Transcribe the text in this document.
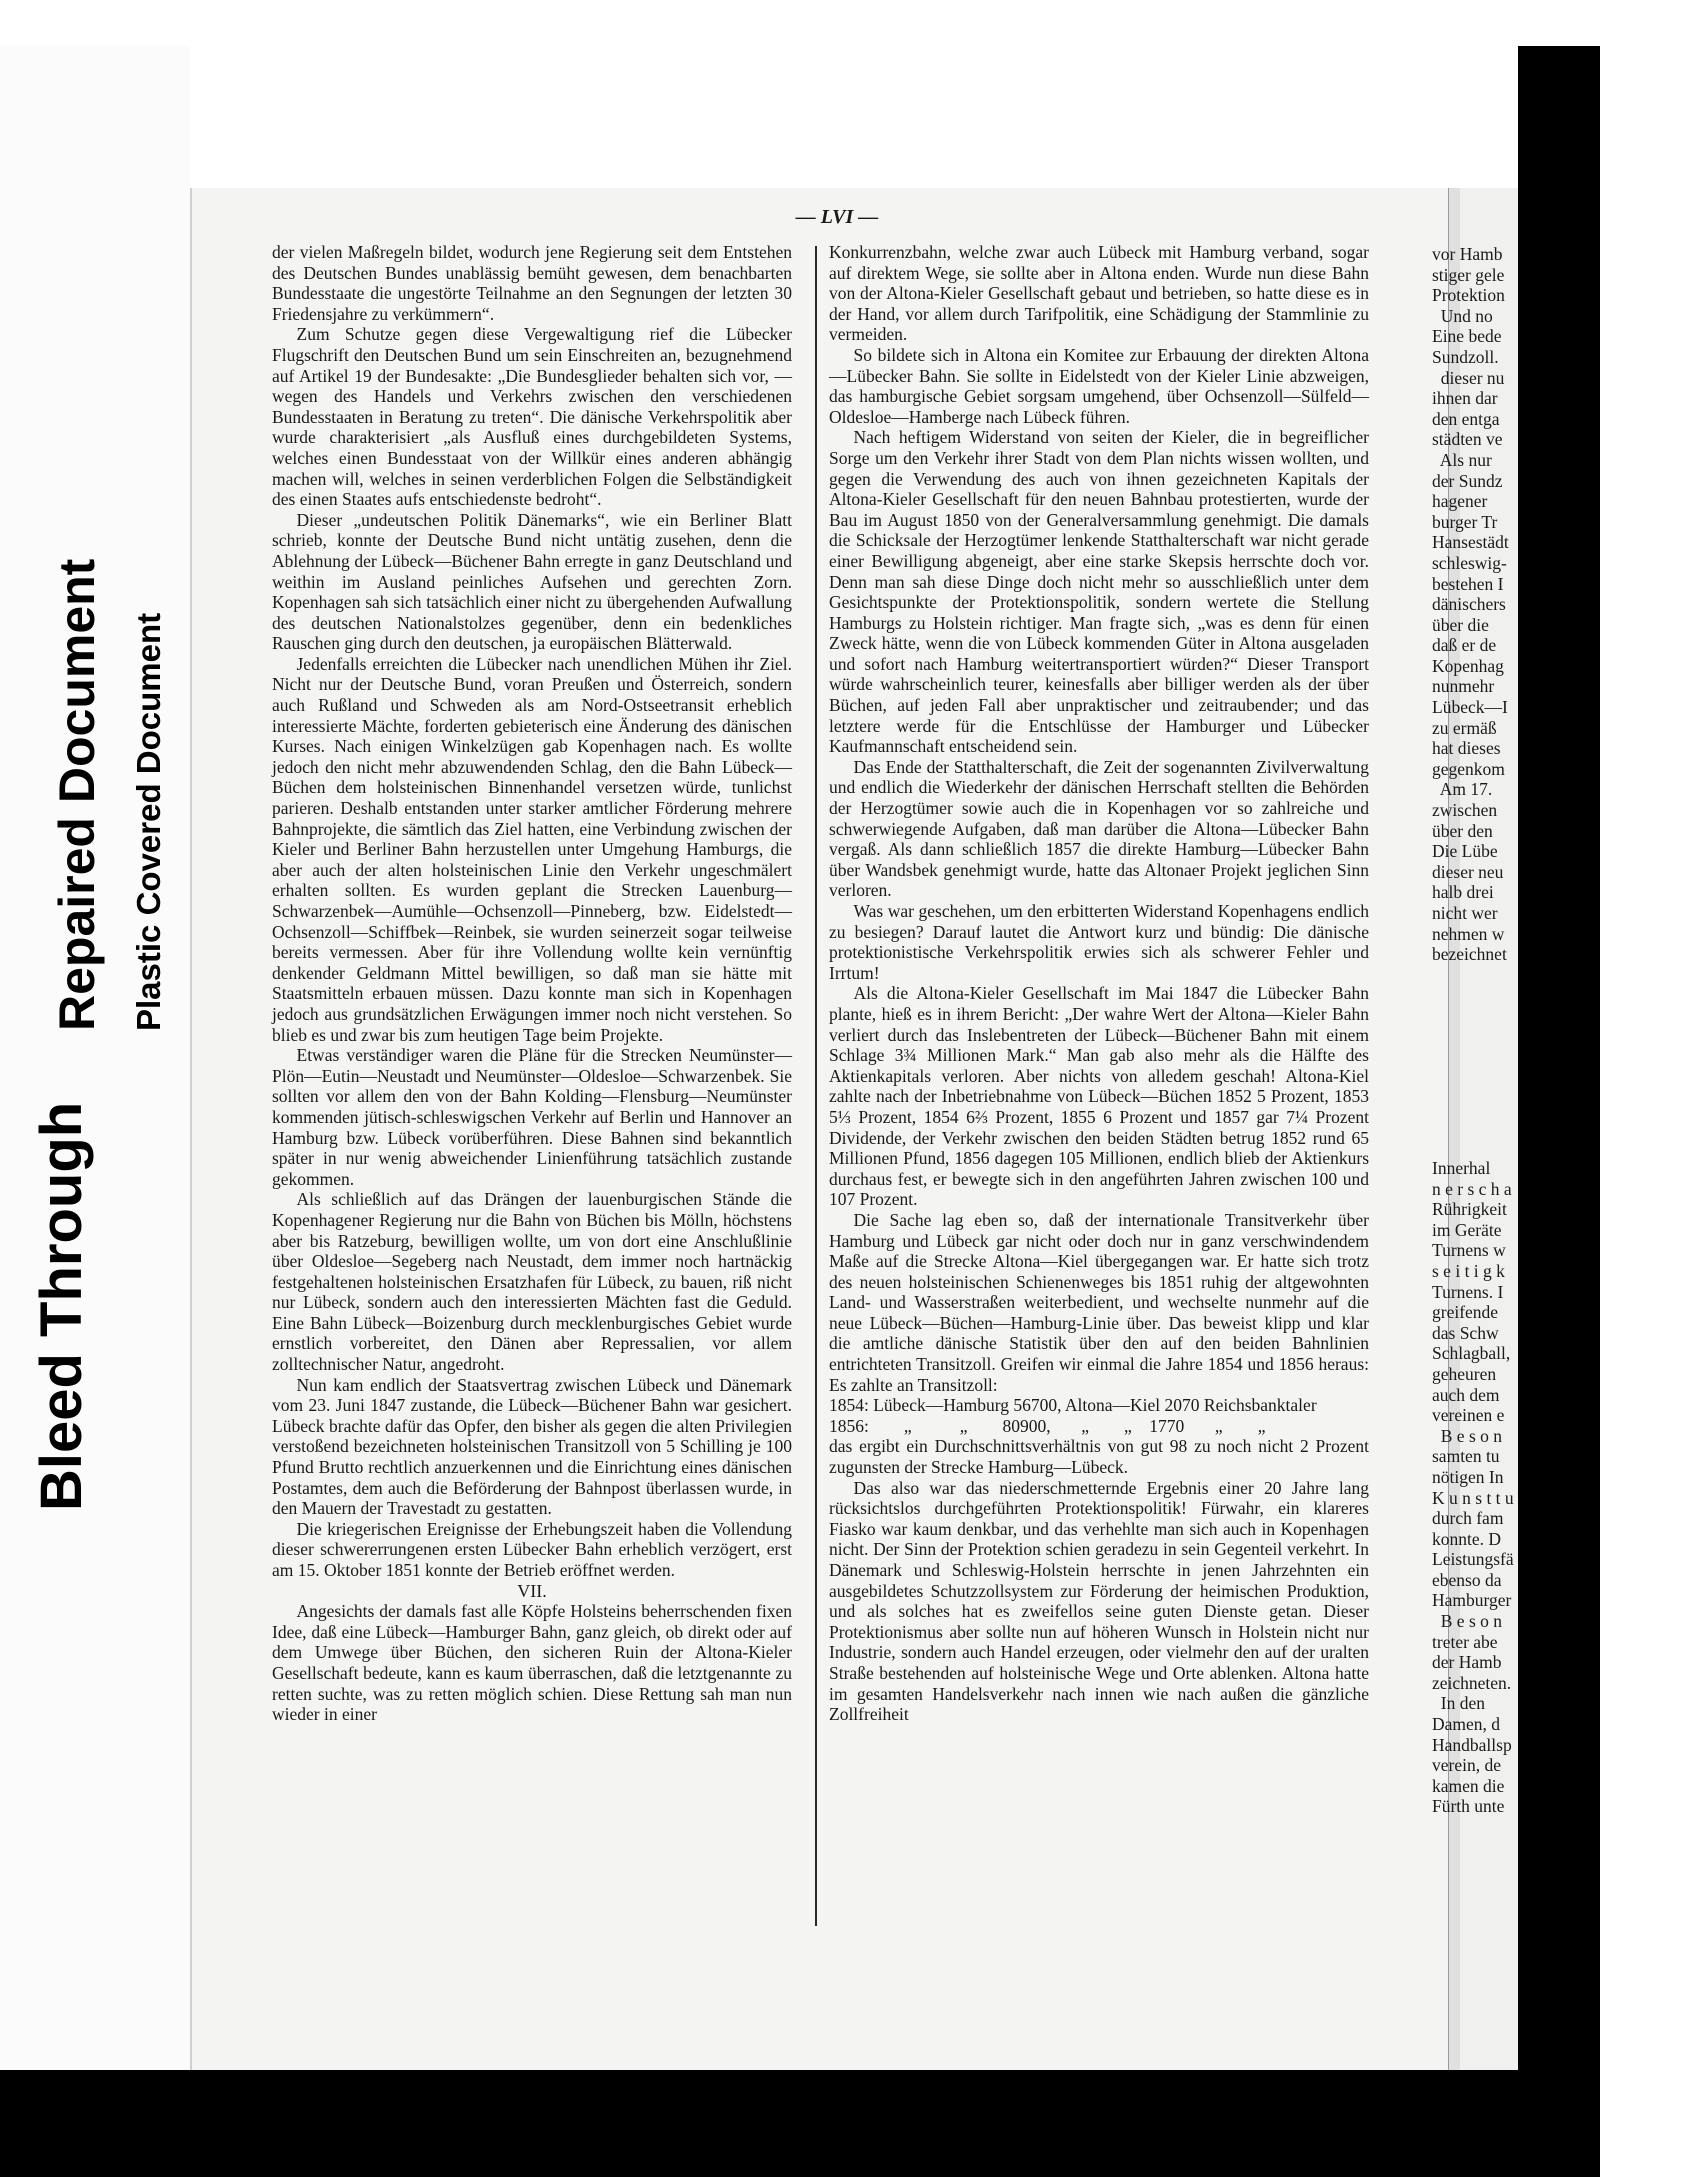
Bleed Through
Repaired Document Plastic Covered Document
— LVI —

der vielen Maßregeln bildet, wodurch jene Regierung seit dem Entstehen des Deutschen Bundes unablässig bemüht gewesen, dem benachbarten Bundesstaate die ungestörte Teilnahme an den Segnungen der letzten 30 Friedensjahre zu verkümmern“.

Zum Schutze gegen diese Vergewaltigung rief die Lübecker Flugschrift den Deutschen Bund um sein Einschreiten an, bezugnehmend auf Artikel 19 der Bundesakte: „Die Bundesglieder behalten sich vor, — wegen des Handels und Verkehrs zwischen den verschiedenen Bundesstaaten in Beratung zu treten“. Die dänische Verkehrspolitik aber wurde charakterisiert „als Ausfluß eines durchgebildeten Systems, welches einen Bundesstaat von der Willkür eines anderen abhängig machen will, welches in seinen verderblichen Folgen die Selbständigkeit des einen Staates aufs entschiedenste bedroht“.

Dieser „undeutschen Politik Dänemarks“, wie ein Berliner Blatt schrieb, konnte der Deutsche Bund nicht untätig zusehen, denn die Ablehnung der Lübeck—Büchener Bahn erregte in ganz Deutschland und weithin im Ausland peinliches Aufsehen und gerechten Zorn. Kopenhagen sah sich tatsächlich einer nicht zu übergehenden Aufwallung des deutschen Nationalstolzes gegenüber, denn ein bedenkliches Rauschen ging durch den deutschen, ja europäischen Blätterwald.

Jedenfalls erreichten die Lübecker nach unendlichen Mühen ihr Ziel. Nicht nur der Deutsche Bund, voran Preußen und Österreich, sondern auch Rußland und Schweden als am Nord-Ostseetransit erheblich interessierte Mächte, forderten gebieterisch eine Änderung des dänischen Kurses. Nach einigen Winkelzügen gab Kopenhagen nach. Es wollte jedoch den nicht mehr abzuwendenden Schlag, den die Bahn Lübeck—Büchen dem holsteinischen Binnenhandel versetzen würde, tunlichst parieren. Deshalb entstanden unter starker amtlicher Förderung mehrere Bahnprojekte, die sämtlich das Ziel hatten, eine Verbindung zwischen der Kieler und Berliner Bahn herzustellen unter Umgehung Hamburgs, die aber auch der alten holsteinischen Linie den Verkehr ungeschmälert erhalten sollten. Es wurden geplant die Strecken Lauenburg—Schwarzenbek—Aumühle—Ochsenzoll—Pinneberg, bzw. Eidelstedt—Ochsenzoll—Schiffbek—Reinbek, sie wurden seinerzeit sogar teilweise bereits vermessen. Aber für ihre Vollendung wollte kein vernünftig denkender Geldmann Mittel bewilligen, so daß man sie hätte mit Staatsmitteln erbauen müssen. Dazu konnte man sich in Kopenhagen jedoch aus grundsätzlichen Erwägungen immer noch nicht verstehen. So blieb es und zwar bis zum heutigen Tage beim Projekte.

Etwas verständiger waren die Pläne für die Strecken Neumünster—Plön—Eutin—Neustadt und Neumünster—Oldesloe—Schwarzenbek. Sie sollten vor allem den von der Bahn Kolding—Flensburg—Neumünster kommenden jütisch-schleswigschen Verkehr auf Berlin und Hannover an Hamburg bzw. Lübeck vorüberführen. Diese Bahnen sind bekanntlich später in nur wenig abweichender Linienführung tatsächlich zustande gekommen.

Als schließlich auf das Drängen der lauenburgischen Stände die Kopenhagener Regierung nur die Bahn von Büchen bis Mölln, höchstens aber bis Ratzeburg, bewilligen wollte, um von dort eine Anschlußlinie über Oldesloe—Segeberg nach Neustadt, dem immer noch hartnäckig festgehaltenen holsteinischen Ersatzhafen für Lübeck, zu bauen, riß nicht nur Lübeck, sondern auch den interessierten Mächten fast die Geduld. Eine Bahn Lübeck—Boizenburg durch mecklenburgisches Gebiet wurde ernstlich vorbereitet, den Dänen aber Repressalien, vor allem zolltechnischer Natur, angedroht.

Nun kam endlich der Staatsvertrag zwischen Lübeck und Dänemark vom 23. Juni 1847 zustande, die Lübeck—Büchener Bahn war gesichert. Lübeck brachte dafür das Opfer, den bisher als gegen die alten Privilegien verstoßend bezeichneten holsteinischen Transitzoll von 5 Schilling je 100 Pfund Brutto rechtlich anzuerkennen und die Einrichtung eines dänischen Postamtes, dem auch die Beförderung der Bahnpost überlassen wurde, in den Mauern der Travestadt zu gestatten.

Die kriegerischen Ereignisse der Erhebungszeit haben die Vollendung dieser schwererrungenen ersten Lübecker Bahn erheblich verzögert, erst am 15. Oktober 1851 konnte der Betrieb eröffnet werden.

VII.

Angesichts der damals fast alle Köpfe Holsteins beherrschenden fixen Idee, daß eine Lübeck—Hamburger Bahn, ganz gleich, ob direkt oder auf dem Umwege über Büchen, den sicheren Ruin der Altona-Kieler Gesellschaft bedeute, kann es kaum überraschen, daß die letztgenannte zu retten suchte, was zu retten möglich schien. Diese Rettung sah man nun wieder in einer

Konkurrenzbahn, welche zwar auch Lübeck mit Hamburg verband, sogar auf direktem Wege, sie sollte aber in Altona enden. Wurde nun diese Bahn von der Altona-Kieler Gesellschaft gebaut und betrieben, so hatte diese es in der Hand, vor allem durch Tarifpolitik, eine Schädigung der Stammlinie zu vermeiden.

So bildete sich in Altona ein Komitee zur Erbauung der direkten Altona—Lübecker Bahn. Sie sollte in Eidelstedt von der Kieler Linie abzweigen, das hamburgische Gebiet sorgsam umgehend, über Ochsenzoll—Sülfeld—Oldesloe—Hamberge nach Lübeck führen.

Nach heftigem Widerstand von seiten der Kieler, die in begreiflicher Sorge um den Verkehr ihrer Stadt von dem Plan nichts wissen wollten, und gegen die Verwendung des auch von ihnen gezeichneten Kapitals der Altona-Kieler Gesellschaft für den neuen Bahnbau protestierten, wurde der Bau im August 1850 von der Generalversammlung genehmigt. Die damals die Schicksale der Herzogtümer lenkende Statthalterschaft war nicht gerade einer Bewilligung abgeneigt, aber eine starke Skepsis herrschte doch vor. Denn man sah diese Dinge doch nicht mehr so ausschließlich unter dem Gesichtspunkte der Protektionspolitik, sondern wertete die Stellung Hamburgs zu Holstein richtiger. Man fragte sich, „was es denn für einen Zweck hätte, wenn die von Lübeck kommenden Güter in Altona ausgeladen und sofort nach Hamburg weitertransportiert würden?“ Dieser Transport würde wahrscheinlich teurer, keinesfalls aber billiger werden als der über Büchen, auf jeden Fall aber unpraktischer und zeitraubender; und das letztere werde für die Entschlüsse der Hamburger und Lübecker Kaufmannschaft entscheidend sein.

Das Ende der Statthalterschaft, die Zeit der sogenannten Zivilverwaltung und endlich die Wiederkehr der dänischen Herrschaft stellten die Behörden der Herzogtümer sowie auch die in Kopenhagen vor so zahlreiche und schwerwiegende Aufgaben, daß man darüber die Altona—Lübecker Bahn vergaß. Als dann schließlich 1857 die direkte Hamburg—Lübecker Bahn über Wandsbek genehmigt wurde, hatte das Altonaer Projekt jeglichen Sinn verloren.

Was war geschehen, um den erbitterten Widerstand Kopenhagens endlich zu besiegen? Darauf lautet die Antwort kurz und bündig: Die dänische protektionistische Verkehrspolitik erwies sich als schwerer Fehler und Irrtum!

Als die Altona-Kieler Gesellschaft im Mai 1847 die Lübecker Bahn plante, hieß es in ihrem Bericht: „Der wahre Wert der Altona—Kieler Bahn verliert durch das Inslebentreten der Lübeck—Büchener Bahn mit einem Schlage 3¾ Millionen Mark.“ Man gab also mehr als die Hälfte des Aktienkapitals verloren. Aber nichts von alledem geschah! Altona-Kiel zahlte nach der Inbetriebnahme von Lübeck—Büchen 1852 5 Prozent, 1853 5⅓ Prozent, 1854 6⅔ Prozent, 1855 6 Prozent und 1857 gar 7¼ Prozent Dividende, der Verkehr zwischen den beiden Städten betrug 1852 rund 65 Millionen Pfund, 1856 dagegen 105 Millionen, endlich blieb der Aktienkurs durchaus fest, er bewegte sich in den angeführten Jahren zwischen 100 und 107 Prozent.

Die Sache lag eben so, daß der internationale Transitverkehr über Hamburg und Lübeck gar nicht oder doch nur in ganz verschwindendem Maße auf die Strecke Altona—Kiel übergegangen war. Er hatte sich trotz des neuen holsteinischen Schienenweges bis 1851 ruhig der altgewohnten Land- und Wasserstraßen weiterbedient, und wechselte nunmehr auf die neue Lübeck—Büchen—Hamburg-Linie über. Das beweist klipp und klar die amtliche dänische Statistik über den auf den beiden Bahnlinien entrichteten Transitzoll. Greifen wir einmal die Jahre 1854 und 1856 heraus: Es zahlte an Transitzoll:

1854: Lübeck—Hamburg 56700, Altona—Kiel 2070 Reichsbanktaler

1856:        „           „        80900,       „        „    1770       „        „

das ergibt ein Durchschnittsverhältnis von gut 98 zu noch nicht 2 Prozent zugunsten der Strecke Hamburg—Lübeck.

Das also war das niederschmetternde Ergebnis einer 20 Jahre lang rücksichtslos durchgeführten Protektionspolitik! Fürwahr, ein klareres Fiasko war kaum denkbar, und das verhehlte man sich auch in Kopenhagen nicht. Der Sinn der Protektion schien geradezu in sein Gegenteil verkehrt. In Dänemark und Schleswig-Holstein herrschte in jenen Jahrzehnten ein ausgebildetes Schutzzollsystem zur Förderung der heimischen Produktion, und als solches hat es zweifellos seine guten Dienste getan. Dieser Protektionismus aber sollte nun auf höheren Wunsch in Holstein nicht nur Industrie, sondern auch Handel erzeugen, oder vielmehr den auf der uralten Straße bestehenden auf holsteinische Wege und Orte ablenken. Altona hatte im gesamten Handelsverkehr nach innen wie nach außen die gänzliche Zollfreiheit

vor Hamb
stiger gele
Protektion
Und no
Eine bede
Sundzoll.
dieser nu
ihnen dar
den entga
städten ve
Als nur
der Sundz
hagener
burger Tr
Hansestädt
schleswig-
bestehen I
dänischers
über die
daß er de
Kopenhag
nunmehr
Lübeck—I
zu ermäß
hat dieses
gegenkom
Am 17.
zwischen
über den
Die Lübe
dieser neu
halb drei
nicht wer
nehmen w
bezeichnet
Innerhal
n e r s c h a
Rührigkeit
im Geräte
Turnens w
s e i t i g k
Turnens. I
greifende
das Schw
Schlagball,
geheuren
auch dem
vereinen e
B e s o n
samten tu
nötigen In
K u n s t t u
durch fam
konnte. D
Leistungsfä
ebenso da
Hamburger
B e s o n
treter abe
der Hamb
zeichneten.
In den
Damen, d
Handballsp
verein, de
kamen die
Fürth unte
